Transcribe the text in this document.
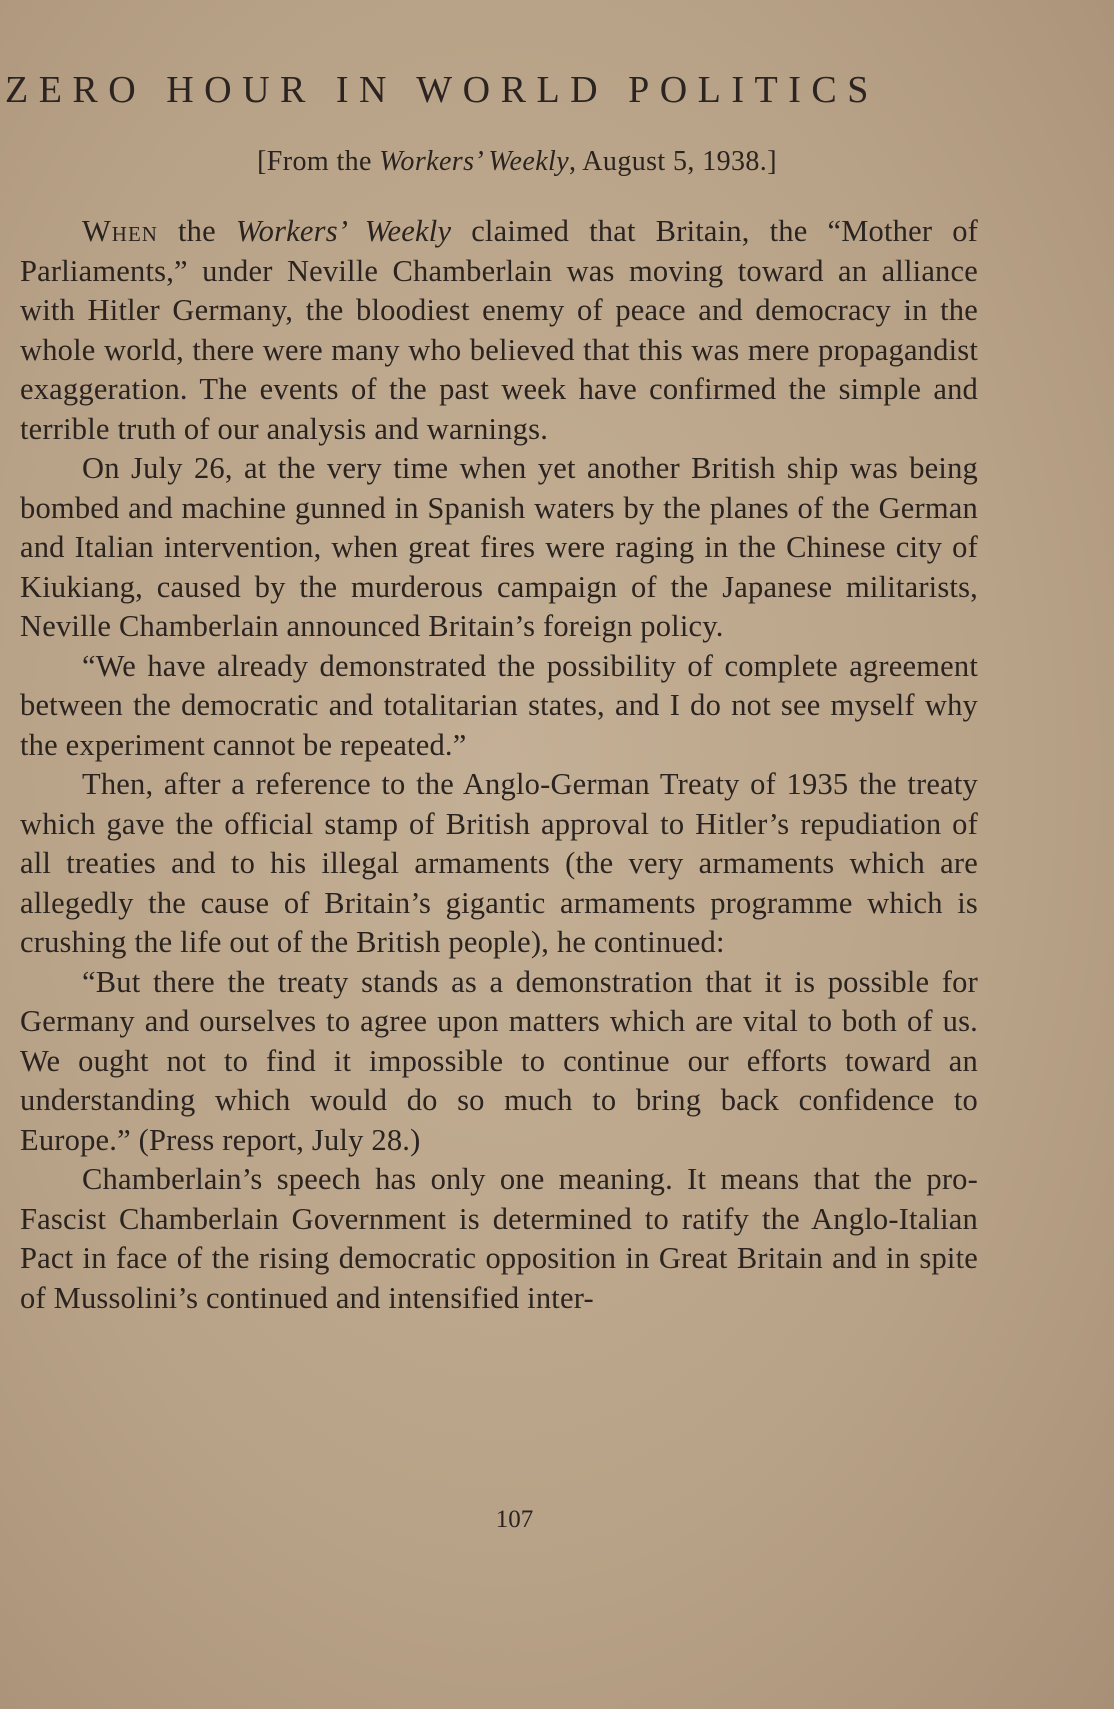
ZERO HOUR IN WORLD POLITICS
[From the Workers’ Weekly, August 5, 1938.]

When the Workers’ Weekly claimed that Britain, the “Mother of Parliaments,” under Neville Chamberlain was moving toward an alliance with Hitler Germany, the bloodiest enemy of peace and democracy in the whole world, there were many who believed that this was mere propagandist exaggeration. The events of the past week have confirmed the simple and terrible truth of our analysis and warnings.

On July 26, at the very time when yet another British ship was being bombed and machine gunned in Spanish waters by the planes of the German and Italian intervention, when great fires were raging in the Chinese city of Kiukiang, caused by the murderous campaign of the Japanese militarists, Neville Chamberlain announced Britain’s foreign policy.

“We have already demonstrated the possibility of complete agreement between the democratic and totalitarian states, and I do not see myself why the experiment cannot be repeated.”

Then, after a reference to the Anglo-German Treaty of 1935 the treaty which gave the official stamp of British approval to Hitler’s repudiation of all treaties and to his illegal armaments (the very armaments which are allegedly the cause of Britain’s gigantic armaments programme which is crushing the life out of the British people), he continued:

“But there the treaty stands as a demonstration that it is possible for Germany and ourselves to agree upon matters which are vital to both of us. We ought not to find it impossible to continue our efforts toward an understanding which would do so much to bring back confidence to Europe.” (Press report, July 28.)

Chamberlain’s speech has only one meaning. It means that the pro-Fascist Chamberlain Government is determined to ratify the Anglo-Italian Pact in face of the rising democratic opposition in Great Britain and in spite of Mussolini’s continued and intensified inter-

107
